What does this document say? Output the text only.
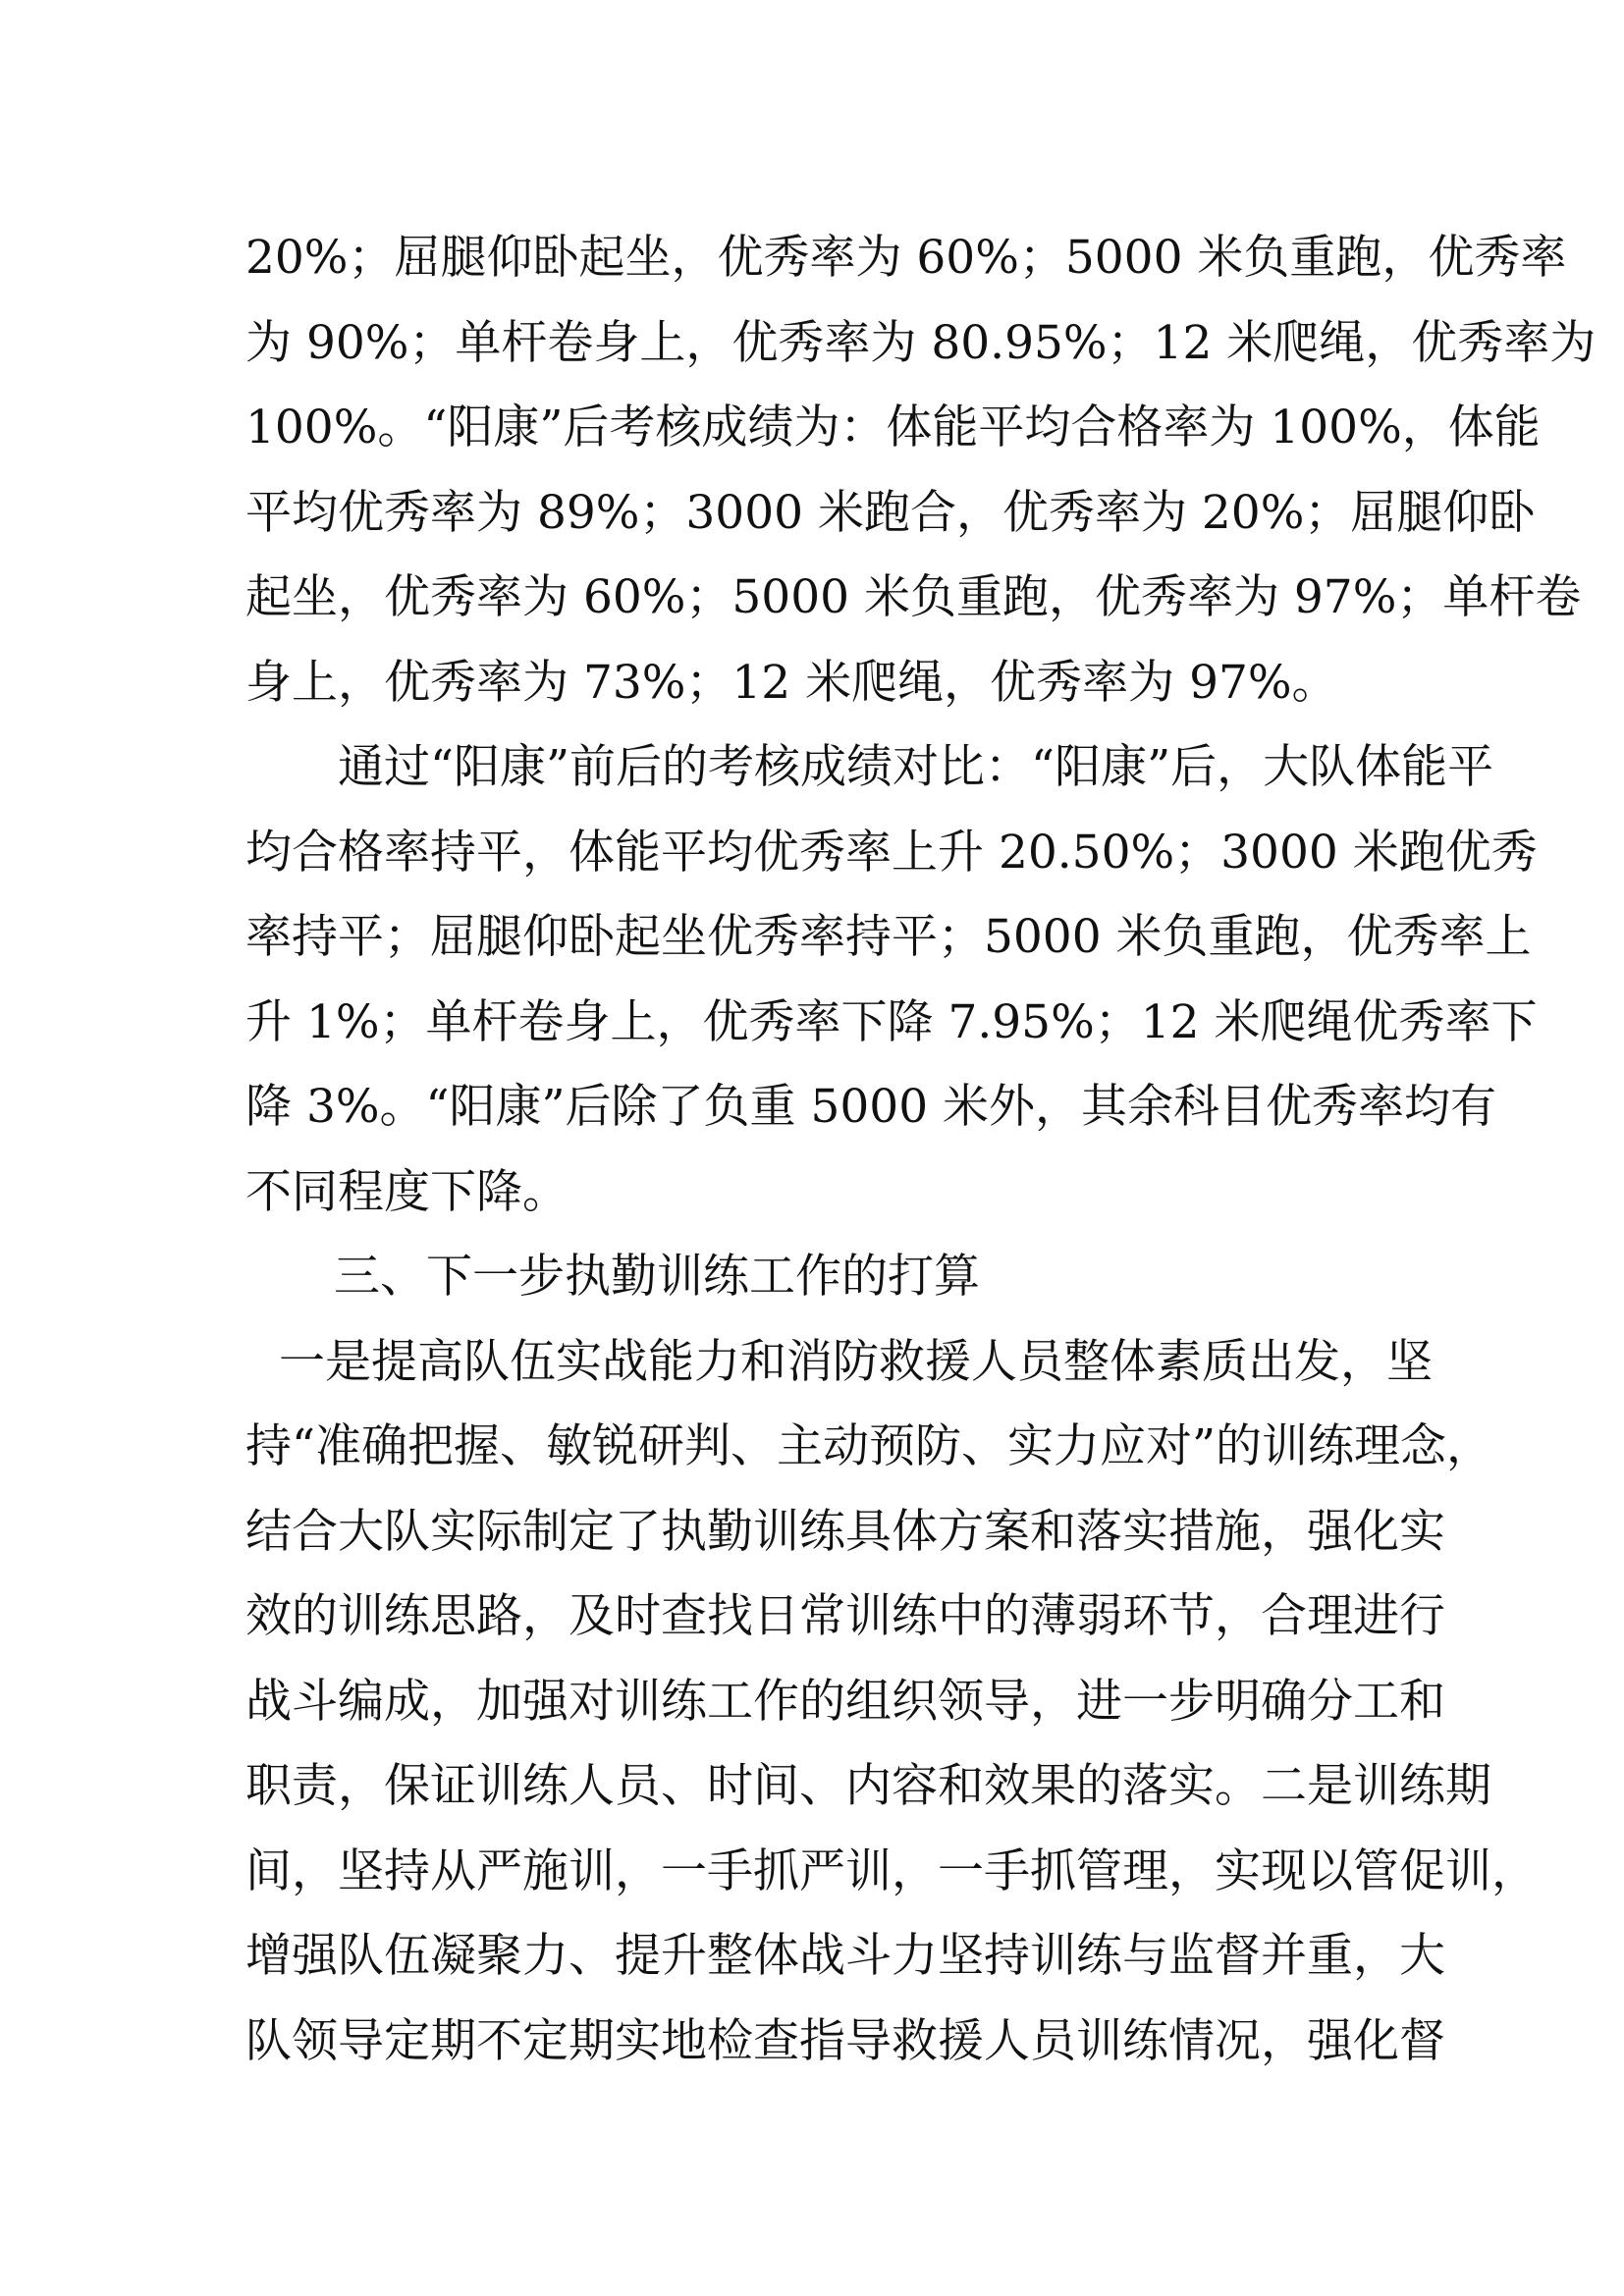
20%；屈腿仰卧起坐，优秀率为 60%；5000 米负重跑，优秀率
为 90%；单杆卷身上，优秀率为 80.95%；12 米爬绳，优秀率为
100%。“阳康”后考核成绩为：体能平均合格率为 100%，体能
平均优秀率为 89%；3000 米跑合，优秀率为 20%；屈腿仰卧
起坐，优秀率为 60%；5000 米负重跑，优秀率为 97%；单杆卷
身上，优秀率为 73%；12 米爬绳，优秀率为 97%。
通过“阳康”前后的考核成绩对比：“阳康”后，大队体能平
均合格率持平，体能平均优秀率上升 20.50%；3000 米跑优秀
率持平；屈腿仰卧起坐优秀率持平；5000 米负重跑，优秀率上
升 1%；单杆卷身上，优秀率下降 7.95%；12 米爬绳优秀率下
降 3%。“阳康”后除了负重 5000 米外，其余科目优秀率均有
不同程度下降。
三、下一步执勤训练工作的打算
一是提高队伍实战能力和消防救援人员整体素质出发，坚
持“准确把握、敏锐研判、主动预防、实力应对”的训练理念，
结合大队实际制定了执勤训练具体方案和落实措施，强化实
效的训练思路，及时查找日常训练中的薄弱环节，合理进行
战斗编成，加强对训练工作的组织领导，进一步明确分工和
职责，保证训练人员、时间、内容和效果的落实。二是训练期
间，坚持从严施训，一手抓严训，一手抓管理，实现以管促训，
增强队伍凝聚力、提升整体战斗力坚持训练与监督并重，大
队领导定期不定期实地检查指导救援人员训练情况，强化督
